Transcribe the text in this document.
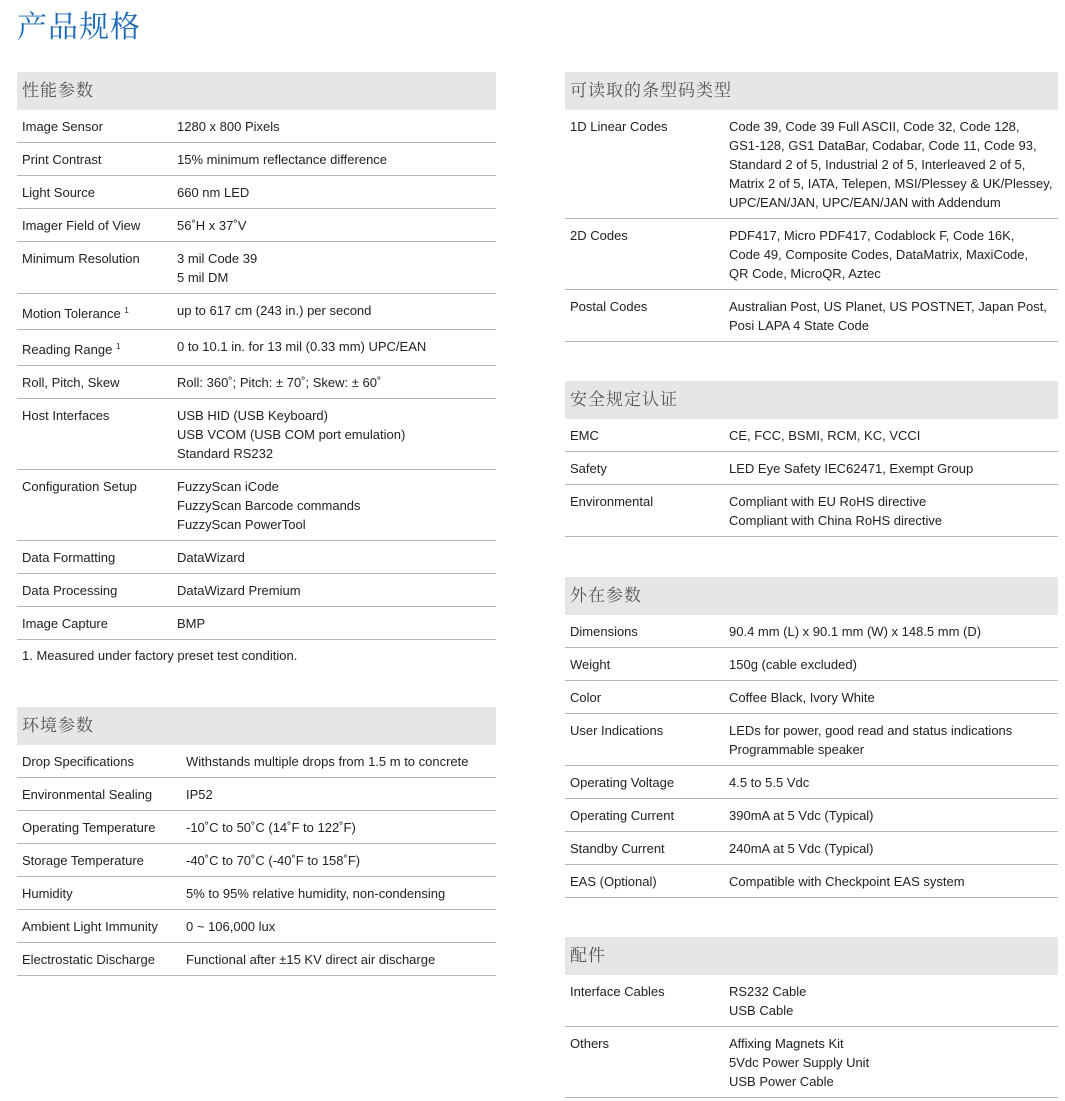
产品规格
性能参数
Image Sensor	1280 x 800 Pixels

Print Contrast	15% minimum reflectance difference

Light Source	660 nm LED

Imager Field of View	56˚H x 37˚V

Minimum Resolution	3 mil Code 39
5 mil DM

Motion Tolerance $^1$	up to 617 cm (243 in.) per second

Reading Range $^1$	0 to 10.1 in. for 13 mil (0.33 mm) UPC/EAN

Roll, Pitch, Skew	Roll: 360˚; Pitch: ± 70˚; Skew: ± 60˚

Host Interfaces	USB HID (USB Keyboard)
USB VCOM (USB COM port emulation)
Standard RS232

Configuration Setup	FuzzyScan iCode
FuzzyScan Barcode commands
FuzzyScan PowerTool

Data Formatting	DataWizard

Data Processing	DataWizard Premium

Image Capture	BMP
1. Measured under factory preset test condition.
环境参数
Drop Specifications	Withstands multiple drops from 1.5 m to concrete

Environmental Sealing	IP52

Operating Temperature	-10˚C to 50˚C (14˚F to 122˚F)

Storage Temperature	-40˚C to 70˚C (-40˚F to 158˚F)

Humidity	5% to 95% relative humidity, non-condensing

Ambient Light Immunity	0 ~ 106,000 lux

Electrostatic Discharge	Functional after ±15 KV direct air discharge
可读取的条型码类型
1D Linear Codes	Code 39, Code 39 Full ASCII, Code 32, Code 128,
GS1-128, GS1 DataBar, Codabar, Code 11, Code 93,
Standard 2 of 5, Industrial 2 of 5, Interleaved 2 of 5,
Matrix 2 of 5, IATA, Telepen, MSI/Plessey & UK/Plessey,
UPC/EAN/JAN, UPC/EAN/JAN with Addendum

2D Codes	PDF417, Micro PDF417, Codablock F, Code 16K,
Code 49, Composite Codes, DataMatrix, MaxiCode,
QR Code, MicroQR, Aztec

Postal Codes	Australian Post, US Planet, US POSTNET, Japan Post,
Posi LAPA 4 State Code
安全规定认证
EMC	CE, FCC, BSMI, RCM, KC, VCCI

Safety	LED Eye Safety IEC62471, Exempt Group

Environmental	Compliant with EU RoHS directive
Compliant with China RoHS directive
外在参数
Dimensions	90.4 mm (L) x 90.1 mm (W) x 148.5 mm (D)

Weight	150g (cable excluded)

Color	Coffee Black, Ivory White

User Indications	LEDs for power, good read and status indications
Programmable speaker

Operating Voltage	4.5 to 5.5 Vdc

Operating Current	390mA at 5 Vdc (Typical)

Standby Current	240mA at 5 Vdc (Typical)

EAS (Optional)	Compatible with Checkpoint EAS system
配件
Interface Cables	RS232 Cable
USB Cable

Others	Affixing Magnets Kit
5Vdc Power Supply Unit
USB Power Cable
